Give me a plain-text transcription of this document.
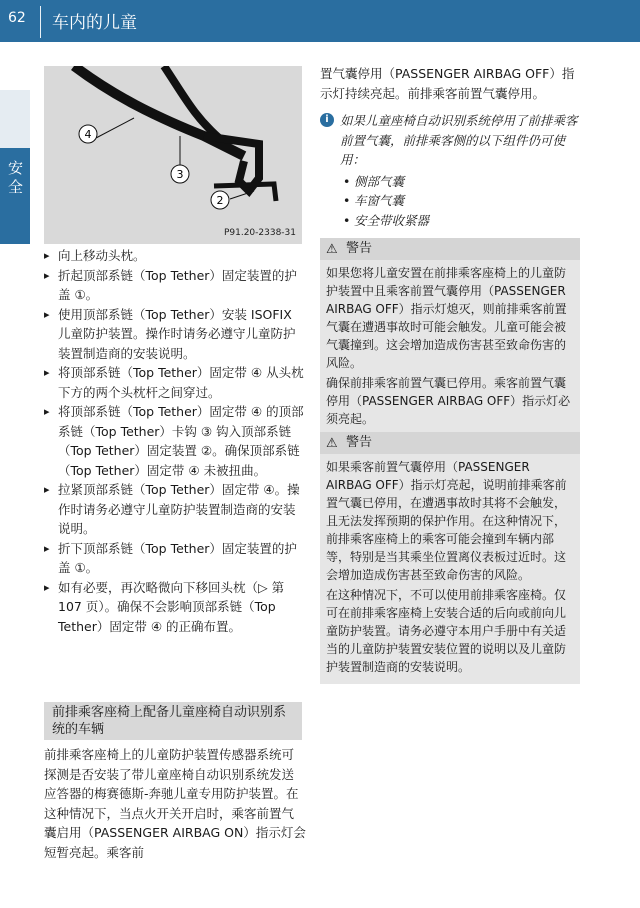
62 车内的儿童
安全
4
3
2
P91.20-2338-31
▸ 向上移动头枕。
▸ 折起顶部系链（Top Tether）固定装置的护盖 ①。
▸ 使用顶部系链（Top Tether）安装 ISOFIX 儿童防护装置。操作时请务必遵守儿童防护装置制造商的安装说明。
▸ 将顶部系链（Top Tether）固定带 ④ 从头枕下方的两个头枕杆之间穿过。
▸ 将顶部系链（Top Tether）固定带 ④ 的顶部系链（Top Tether）卡钩 ③ 钩入顶部系链（Top Tether）固定装置 ②。确保顶部系链（Top Tether）固定带 ④ 未被扭曲。
▸ 拉紧顶部系链（Top Tether）固定带 ④。操作时请务必遵守儿童防护装置制造商的安装说明。
▸ 折下顶部系链（Top Tether）固定装置的护盖 ①。
▸ 如有必要，再次略微向下移回头枕（▷ 第 107 页）。确保不会影响顶部系链（Top Tether）固定带 ④ 的正确布置。
前排乘客座椅上配备儿童座椅自动识别系统的车辆
前排乘客座椅上的儿童防护装置传感器系统可探测是否安装了带儿童座椅自动识别系统发送应答器的梅赛德斯-奔驰儿童专用防护装置。在这种情况下，当点火开关开启时，乘客前置气囊启用（PASSENGER AIRBAG ON）指示灯会短暂亮起。乘客前
置气囊停用（PASSENGER AIRBAG OFF）指示灯持续亮起。前排乘客前置气囊停用。
i 如果儿童座椅自动识别系统停用了前排乘客前置气囊，前排乘客侧的以下组件仍可使用：
• 侧部气囊
• 车窗气囊
• 安全带收紧器
⚠ 警告

如果您将儿童安置在前排乘客座椅上的儿童防护装置中且乘客前置气囊停用（PASSENGER AIRBAG OFF）指示灯熄灭，则前排乘客前置气囊在遭遇事故时可能会触发。儿童可能会被气囊撞到。这会增加造成伤害甚至致命伤害的风险。

确保前排乘客前置气囊已停用。乘客前置气囊停用（PASSENGER AIRBAG OFF）指示灯必须亮起。

⚠ 警告

如果乘客前置气囊停用（PASSENGER AIRBAG OFF）指示灯亮起，说明前排乘客前置气囊已停用，在遭遇事故时其将不会触发，且无法发挥预期的保护作用。在这种情况下，前排乘客座椅上的乘客可能会撞到车辆内部等，特别是当其乘坐位置离仪表板过近时。这会增加造成伤害甚至致命伤害的风险。

在这种情况下，不可以使用前排乘客座椅。仅可在前排乘客座椅上安装合适的后向或前向儿童防护装置。请务必遵守本用户手册中有关适当的儿童防护装置安装位置的说明以及儿童防护装置制造商的安装说明。
